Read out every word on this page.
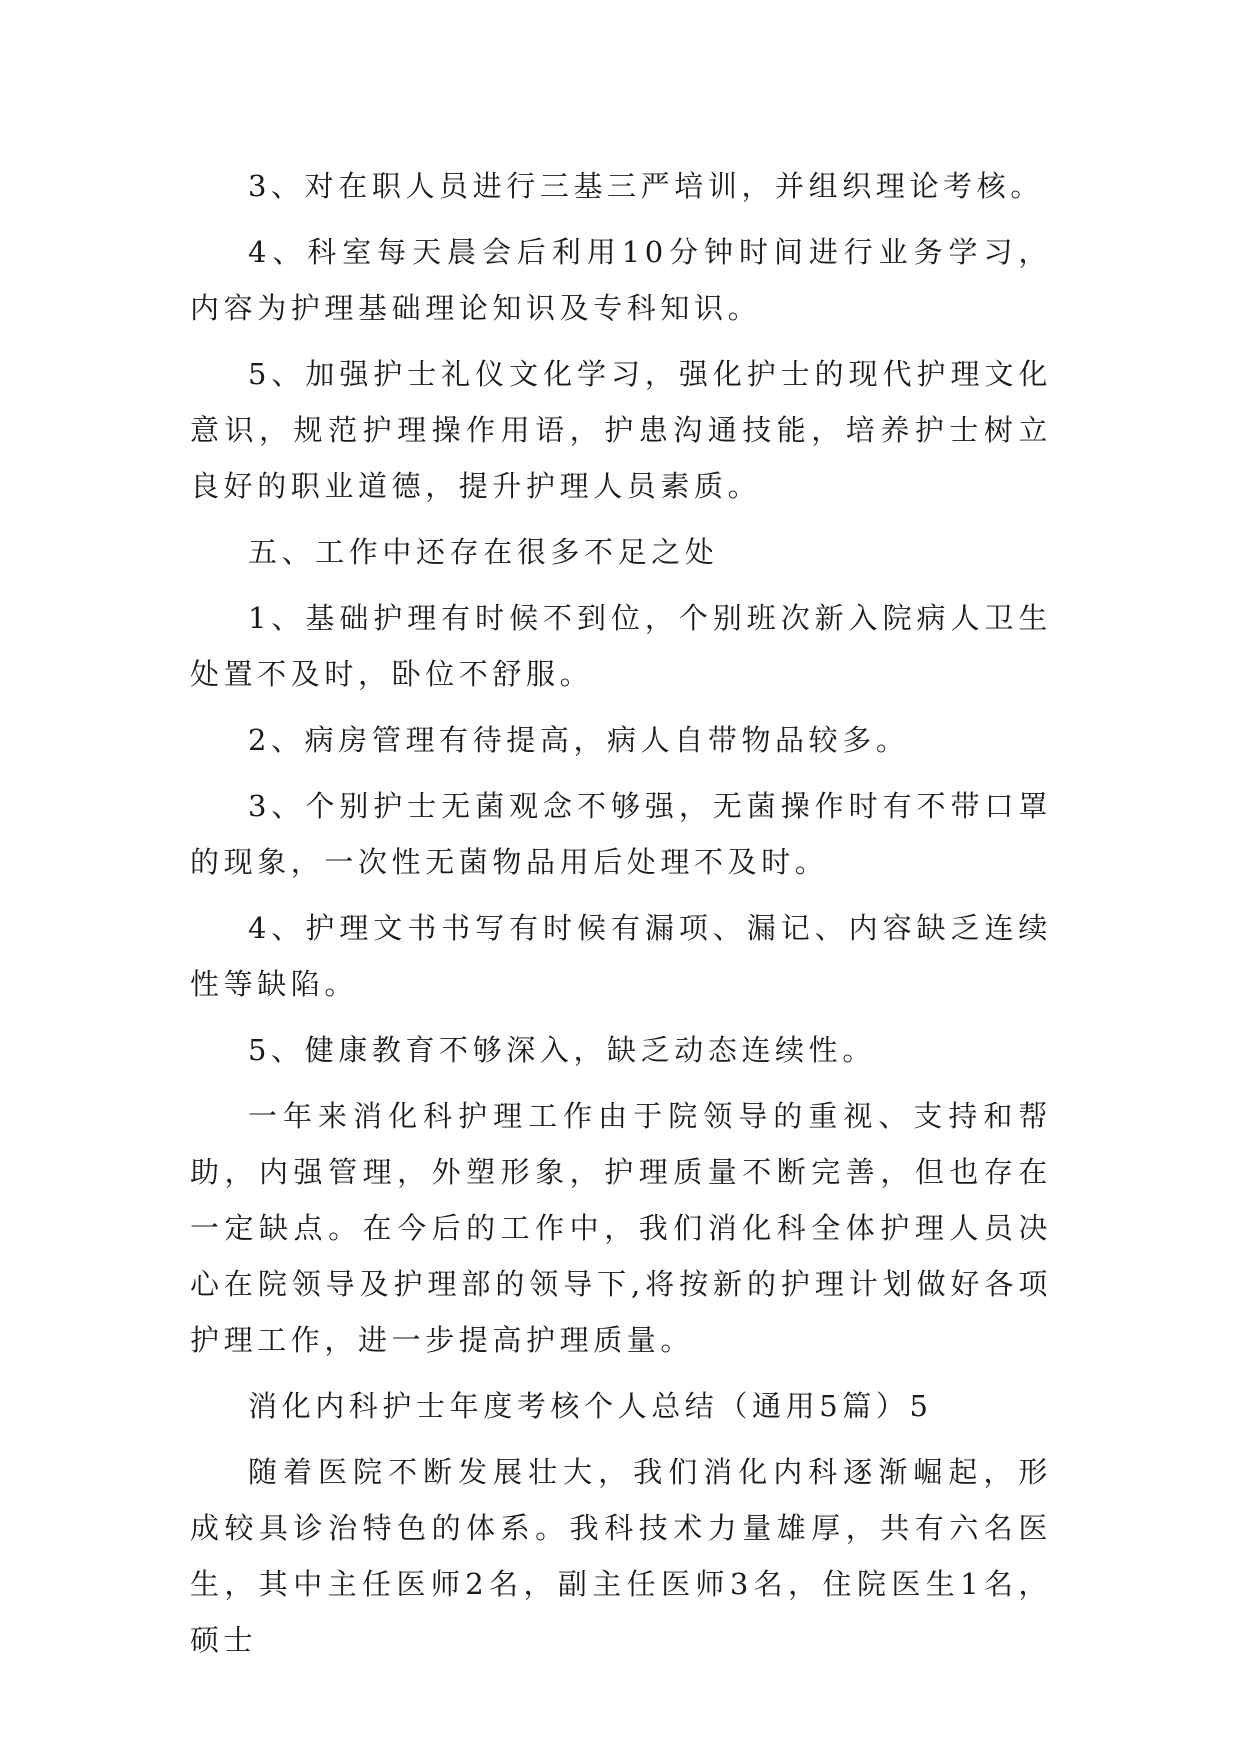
3、对在职人员进行三基三严培训，并组织理论考核。

4、科室每天晨会后利用10分钟时间进行业务学习，内容为护理基础理论知识及专科知识。

5、加强护士礼仪文化学习，强化护士的现代护理文化意识，规范护理操作用语，护患沟通技能，培养护士树立良好的职业道德，提升护理人员素质。

五、工作中还存在很多不足之处

1、基础护理有时候不到位，个别班次新入院病人卫生处置不及时，卧位不舒服。

2、病房管理有待提高，病人自带物品较多。

3、个别护士无菌观念不够强，无菌操作时有不带口罩的现象，一次性无菌物品用后处理不及时。

4、护理文书书写有时候有漏项、漏记、内容缺乏连续性等缺陷。

5、健康教育不够深入，缺乏动态连续性。

一年来消化科护理工作由于院领导的重视、支持和帮助，内强管理，外塑形象，护理质量不断完善，但也存在一定缺点。在今后的工作中，我们消化科全体护理人员决心在院领导及护理部的领导下,将按新的护理计划做好各项护理工作，进一步提高护理质量。

消化内科护士年度考核个人总结（通用5篇）5

随着医院不断发展壮大，我们消化内科逐渐崛起，形成较具诊治特色的体系。我科技术力量雄厚，共有六名医生，其中主任医师2名，副主任医师3名，住院医生1名，硕士
